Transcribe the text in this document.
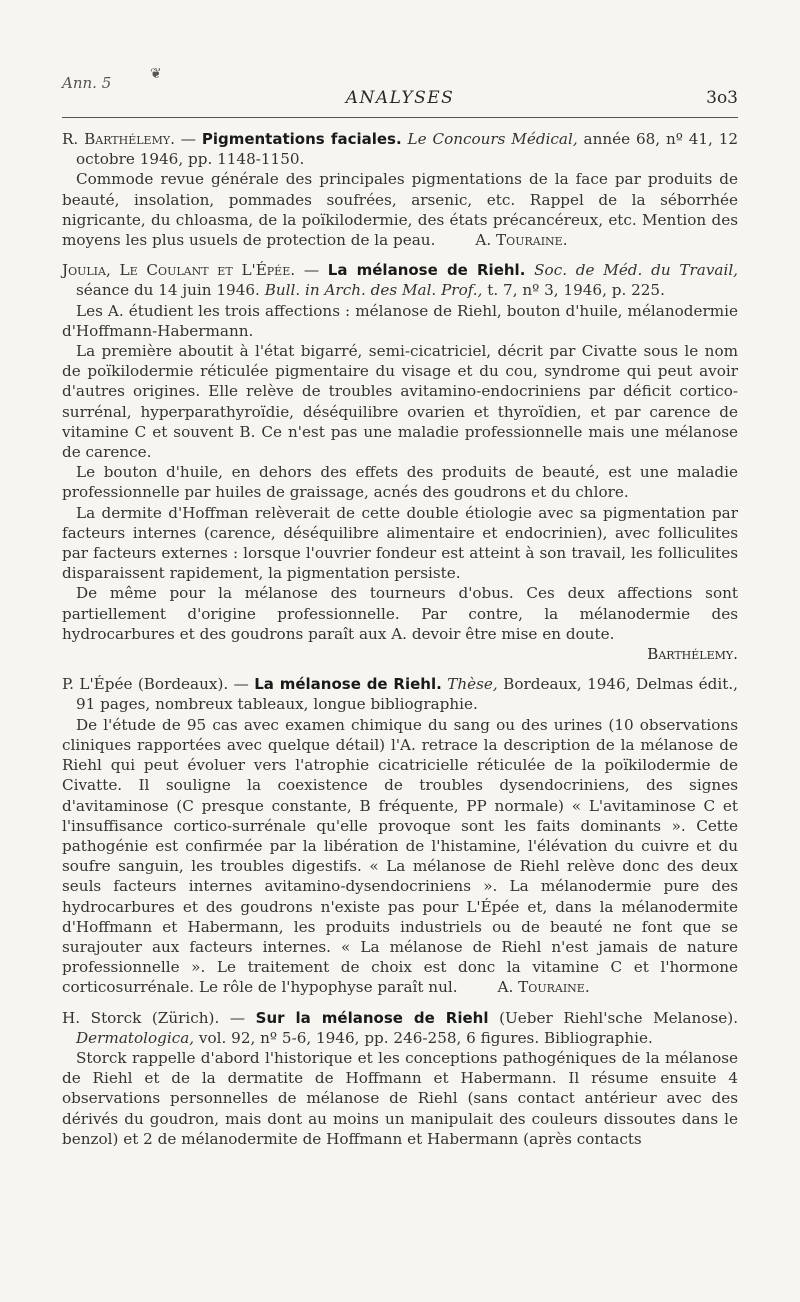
Ann. 5	❦
ANALYSES	3o3

R. Barthélemy. — Pigmentations faciales. Le Concours Médical, année 68, nº 41, 12 octobre 1946, pp. 1148-1150.

Commode revue générale des principales pigmentations de la face par produits de beauté, insolation, pommades soufrées, arsenic, etc. Rappel de la séborrhée nigricante, du chloasma, de la poïkilodermie, des états précancéreux, etc. Mention des moyens les plus usuels de protection de la peau.	A. Touraine.

Joulia, Le Coulant et L'Épée. — La mélanose de Riehl. Soc. de Méd. du Travail, séance du 14 juin 1946. Bull. in Arch. des Mal. Prof., t. 7, nº 3, 1946, p. 225.

Les A. étudient les trois affections : mélanose de Riehl, bouton d'huile, mélanodermie d'Hoffmann-Habermann.

La première aboutit à l'état bigarré, semi-cicatriciel, décrit par Civatte sous le nom de poïkilodermie réticulée pigmentaire du visage et du cou, syndrome qui peut avoir d'autres origines. Elle relève de troubles avitamino-endocriniens par déficit cortico-surrénal, hyperparathyroïdie, déséquilibre ovarien et thyroïdien, et par carence de vitamine C et souvent B. Ce n'est pas une maladie professionnelle mais une mélanose de carence.

Le bouton d'huile, en dehors des effets des produits de beauté, est une maladie professionnelle par huiles de graissage, acnés des goudrons et du chlore.

La dermite d'Hoffman relèverait de cette double étiologie avec sa pigmentation par facteurs internes (carence, déséquilibre alimentaire et endocrinien), avec folliculites par facteurs externes : lorsque l'ouvrier fondeur est atteint à son travail, les folliculites disparaissent rapidement, la pigmentation persiste.

De même pour la mélanose des tourneurs d'obus. Ces deux affections sont partiellement d'origine professionnelle. Par contre, la mélanodermie des hydrocarbures et des goudrons paraît aux A. devoir être mise en doute.

Barthélemy.

P. L'Épée (Bordeaux). — La mélanose de Riehl. Thèse, Bordeaux, 1946, Delmas édit., 91 pages, nombreux tableaux, longue bibliographie.

De l'étude de 95 cas avec examen chimique du sang ou des urines (10 observations cliniques rapportées avec quelque détail) l'A. retrace la description de la mélanose de Riehl qui peut évoluer vers l'atrophie cicatricielle réticulée de la poïkilodermie de Civatte. Il souligne la coexistence de troubles dysendocriniens, des signes d'avitaminose (C presque constante, B fréquente, PP normale) « L'avitaminose C et l'insuffisance cortico-surrénale qu'elle provoque sont les faits dominants ». Cette pathogénie est confirmée par la libération de l'histamine, l'élévation du cuivre et du soufre sanguin, les troubles digestifs. « La mélanose de Riehl relève donc des deux seuls facteurs internes avitamino-dysendocriniens ». La mélanodermie pure des hydrocarbures et des goudrons n'existe pas pour L'Épée et, dans la mélanodermite d'Hoffmann et Habermann, les produits industriels ou de beauté ne font que se surajouter aux facteurs internes. « La mélanose de Riehl n'est jamais de nature professionnelle ». Le traitement de choix est donc la vitamine C et l'hormone corticosurrénale. Le rôle de l'hypophyse paraît nul.	A. Touraine.

H. Storck (Zürich). — Sur la mélanose de Riehl (Ueber Riehl'sche Melanose). Dermatologica, vol. 92, nº 5-6, 1946, pp. 246-258, 6 figures. Bibliographie.

Storck rappelle d'abord l'historique et les conceptions pathogéniques de la mélanose de Riehl et de la dermatite de Hoffmann et Habermann. Il résume ensuite 4 observations personnelles de mélanose de Riehl (sans contact antérieur avec des dérivés du goudron, mais dont au moins un manipulait des couleurs dissoutes dans le benzol) et 2 de mélanodermite de Hoffmann et Habermann (après contacts
